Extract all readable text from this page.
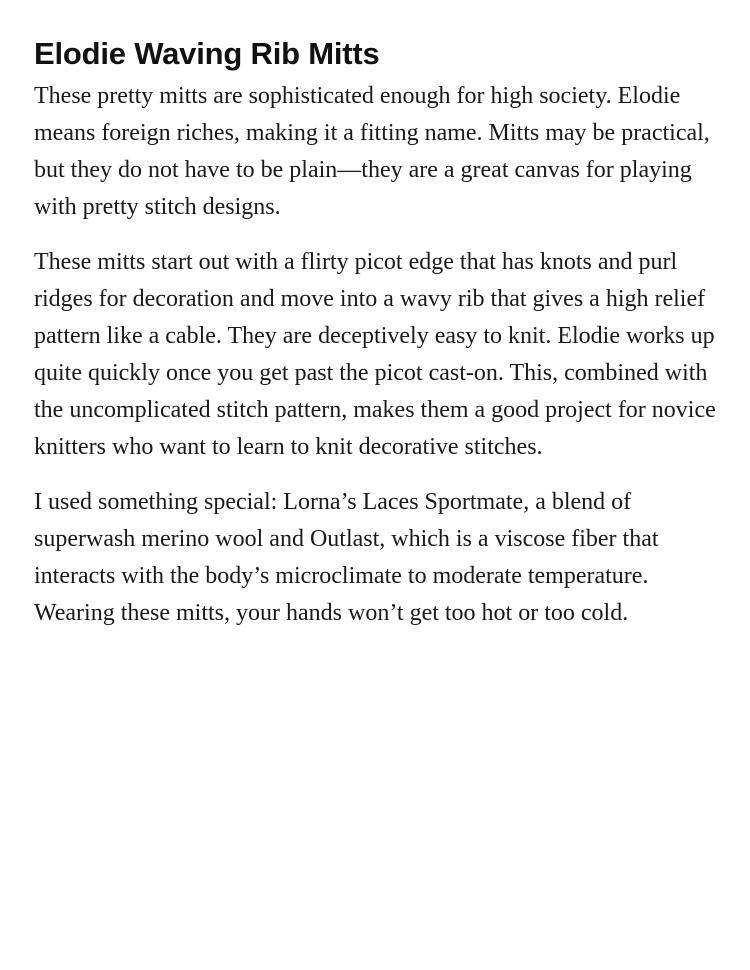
Elodie Waving Rib Mitts

These pretty mitts are sophisticated enough for high society. Elodie means foreign riches, making it a fitting name. Mitts may be practical, but they do not have to be plain—they are a great canvas for playing with pretty stitch designs.

These mitts start out with a flirty picot edge that has knots and purl ridges for decoration and move into a wavy rib that gives a high relief pattern like a cable. They are deceptively easy to knit. Elodie works up quite quickly once you get past the picot cast-on. This, combined with the uncomplicated stitch pattern, makes them a good project for novice knitters who want to learn to knit decorative stitches.

I used something special: Lorna’s Laces Sportmate, a blend of superwash merino wool and Outlast, which is a viscose fiber that interacts with the body’s microclimate to moderate temperature. Wearing these mitts, your hands won’t get too hot or too cold.
